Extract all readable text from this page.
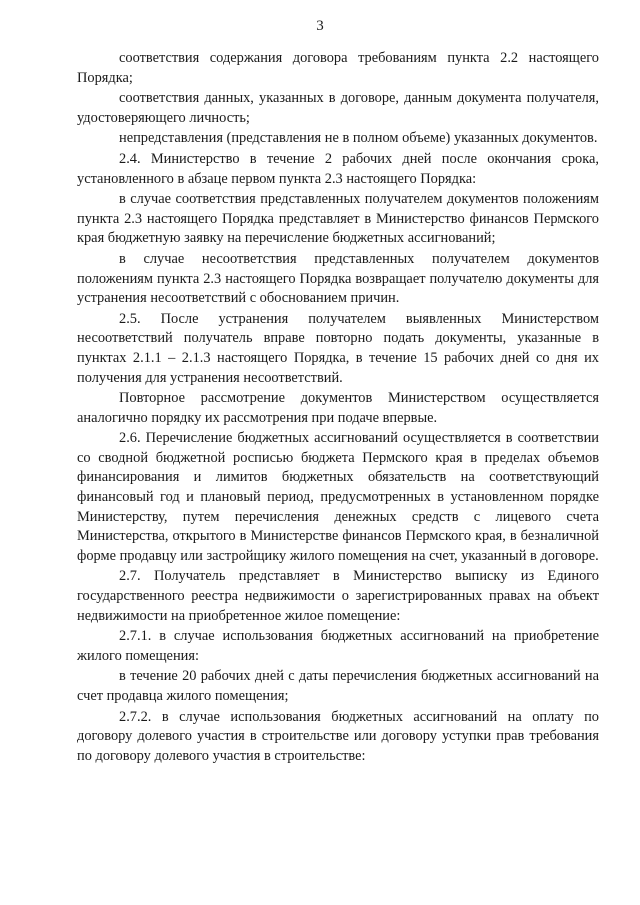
3

соответствия содержания договора требованиям пункта 2.2 настоящего Порядка;

соответствия данных, указанных в договоре, данным документа получателя, удостоверяющего личность;

непредставления (представления не в полном объеме) указанных документов.

2.4. Министерство в течение 2 рабочих дней после окончания срока, установленного в абзаце первом пункта 2.3 настоящего Порядка:

в случае соответствия представленных получателем документов положениям пункта 2.3 настоящего Порядка представляет в Министерство финансов Пермского края бюджетную заявку на перечисление бюджетных ассигнований;

в случае несоответствия представленных получателем документов положениям пункта 2.3 настоящего Порядка возвращает получателю документы для устранения несоответствий с обоснованием причин.

2.5. После устранения получателем выявленных Министерством несоответствий получатель вправе повторно подать документы, указанные в пунктах 2.1.1 – 2.1.3 настоящего Порядка, в течение 15 рабочих дней со дня их получения для устранения несоответствий.

Повторное рассмотрение документов Министерством осуществляется аналогично порядку их рассмотрения при подаче впервые.

2.6. Перечисление бюджетных ассигнований осуществляется в соответствии со сводной бюджетной росписью бюджета Пермского края в пределах объемов финансирования и лимитов бюджетных обязательств на соответствующий финансовый год и плановый период, предусмотренных в установленном порядке Министерству, путем перечисления денежных средств с лицевого счета Министерства, открытого в Министерстве финансов Пермского края, в безналичной форме продавцу или застройщику жилого помещения на счет, указанный в договоре.

2.7. Получатель представляет в Министерство выписку из Единого государственного реестра недвижимости о зарегистрированных правах на объект недвижимости на приобретенное жилое помещение:

2.7.1. в случае использования бюджетных ассигнований на приобретение жилого помещения:

в течение 20 рабочих дней с даты перечисления бюджетных ассигнований на счет продавца жилого помещения;

2.7.2. в случае использования бюджетных ассигнований на оплату по договору долевого участия в строительстве или договору уступки прав требования по договору долевого участия в строительстве:
